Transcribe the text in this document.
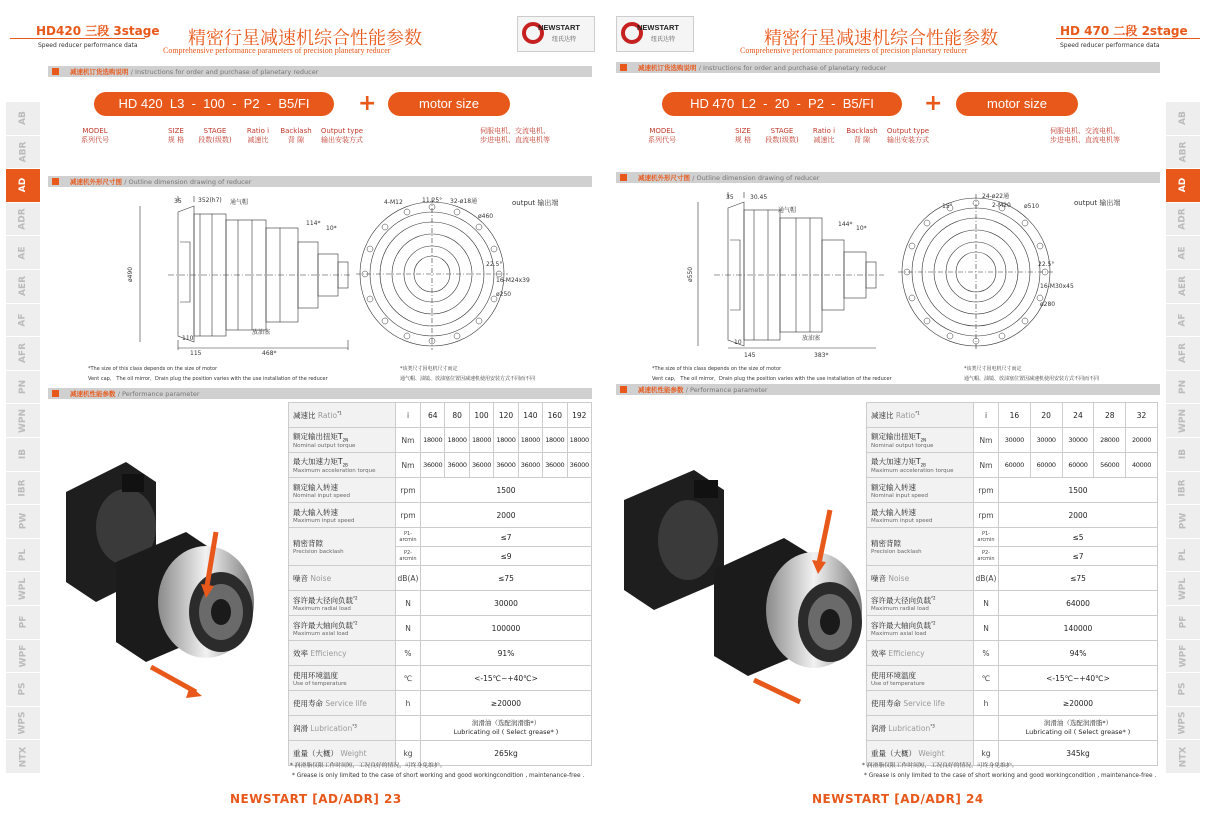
HD420 三段 3stage
Speed reducer performance data	精密行星减速机综合性能参数
Comprehensive performance parameters of precision planetary reducer
NEWSTART
纽氏达特
减速机订货选购说明 / Instructions for order and purchase of planetary reducer
HD 420 L3 - 100 - P2 - B5/FI	+	motor size
MODEL
系列代号
SIZE
规 格
STAGE
段数(级数)
Ratio i
减速比
Backlash
背 隙
Output type
输出安装方式
伺服电机、交流电机、
步进电机、直流电机等
减速机外形尺寸图 / Outline dimension drawing of reducer
35	352(h7) 通气帽
114*
10*
ø490
放油塞
110
115	468*
4-M12	11.25° 32-ø18通
ø460
22.5°
16-M24x39
ø250
output 输出端
*The size of this class depends on the size of motor
Vent cap， The oil mirror，Drain plug the position varies with the use installation of the reducer
*该类尺寸因电机尺寸而定
通气帽、油镜、放油塞位置因减速机使用安装方式不同而不同
减速机性能参数 / Performance parameter
减速比 Ratio$^{*1}$	i	64	80	100	120	140	160	192
额定输出扭矩$T_{2N}$
Nominal output torque	Nm	18000	18000	18000	18000	18000	18000	18000
最大加速力矩$T_{2B}$
Maximum acceleration torque	Nm	36000	36000	36000	36000	36000	36000	36000
额定输入转速
Nominal input speed	rpm	1500						
最大输入转速
Maximum input speed	rpm	2000						
精密背隙
Precision backlash	P1-arcmin	≤7						
	P2-arcmin	≤9						
噪音 Noise	dB(A)	≤75						
容许最大径向负载$^{*2}$
Maximum radial load	N	30000						
容许最大轴向负载$^{*2}$
Maximum axial load	N	100000						
效率 Efficiency	%	91%						
使用环境温度
Use of temperature	℃	<-15℃~+40℃>						
使用寿命 Service life	h	≥20000						
润滑 Lubrication$^{*3}$		润滑油（选配润滑脂*）
Lubricating oil ( Select grease* )						
重量（大概） Weight	kg	265kg						
* 润滑脂仅限工作时间短，工况良好的情况，可终身免维护。
* Grease is only limited to the case of short working and good workingcondition , maintenance-free .
AB
ABR
AD
ADR
AE
AER
AF
AFR
PN
WPN
IB
IBR
PW
PL
WPL
PF
WPF
PS
WPS
NTX
NEWSTART [AD/ADR] 23
NEWSTART
纽氏达特	精密行星减速机综合性能参数
Comprehensive performance parameters of precision planetary reducer
HD 470 二段 2stage
Speed reducer performance data
减速机订货选购说明 / Instructions for order and purchase of planetary reducer
HD 470 L2 - 20 - P2 - B5/FI	+	motor size
MODEL
系列代号
SIZE
规 格
STAGE
段数(级数)
Ratio i
减速比
Backlash
背 隙
Output type
输出安装方式
伺服电机、交流电机、
步进电机、直流电机等
减速机外形尺寸图 / Outline dimension drawing of reducer
35	30.45
通气帽
144*
10*
ø550
放油塞
10
145	383*
24-ø22通
2-M20
15°	ø510
22.5°
16-M30x45
ø280
output 输出端
*The size of this class depends on the size of motor
Vent cap， The oil mirror，Drain plug the position varies with the use installation of the reducer
*该类尺寸因电机尺寸而定
通气帽、油镜、放油塞位置因减速机使用安装方式不同而不同
减速机性能参数 / Performance parameter
减速比 Ratio$^{*1}$	i	16	20	24	28	32
额定输出扭矩$T_{2N}$
Nominal output torque	Nm	30000	30000	30000	28000	20000
最大加速力矩$T_{2B}$
Maximum acceleration torque	Nm	60000	60000	60000	56000	40000
额定输入转速
Nominal input speed	rpm	1500				
最大输入转速
Maximum input speed	rpm	2000				
精密背隙
Precision backlash	P1-arcmin	≤5				
	P2-arcmin	≤7				
噪音 Noise	dB(A)	≤75				
容许最大径向负载$^{*2}$
Maximum radial load	N	64000				
容许最大轴向负载$^{*2}$
Maximum axial load	N	140000				
效率 Efficiency	%	94%				
使用环境温度
Use of temperature	℃	<-15℃~+40℃>				
使用寿命 Service life	h	≥20000				
润滑 Lubrication$^{*3}$		润滑油（选配润滑脂*）
Lubricating oil ( Select grease* )				
重量（大概） Weight	kg	345kg				
* 润滑脂仅限工作时间短，工况良好的情况，可终身免维护。
* Grease is only limited to the case of short working and good workingcondition , maintenance-free .
AB
ABR
AD
ADR
AE
AER
AF
AFR
PN
WPN
IB
IBR
PW
PL
WPL
PF
WPF
PS
WPS
NTX
NEWSTART [AD/ADR] 24
